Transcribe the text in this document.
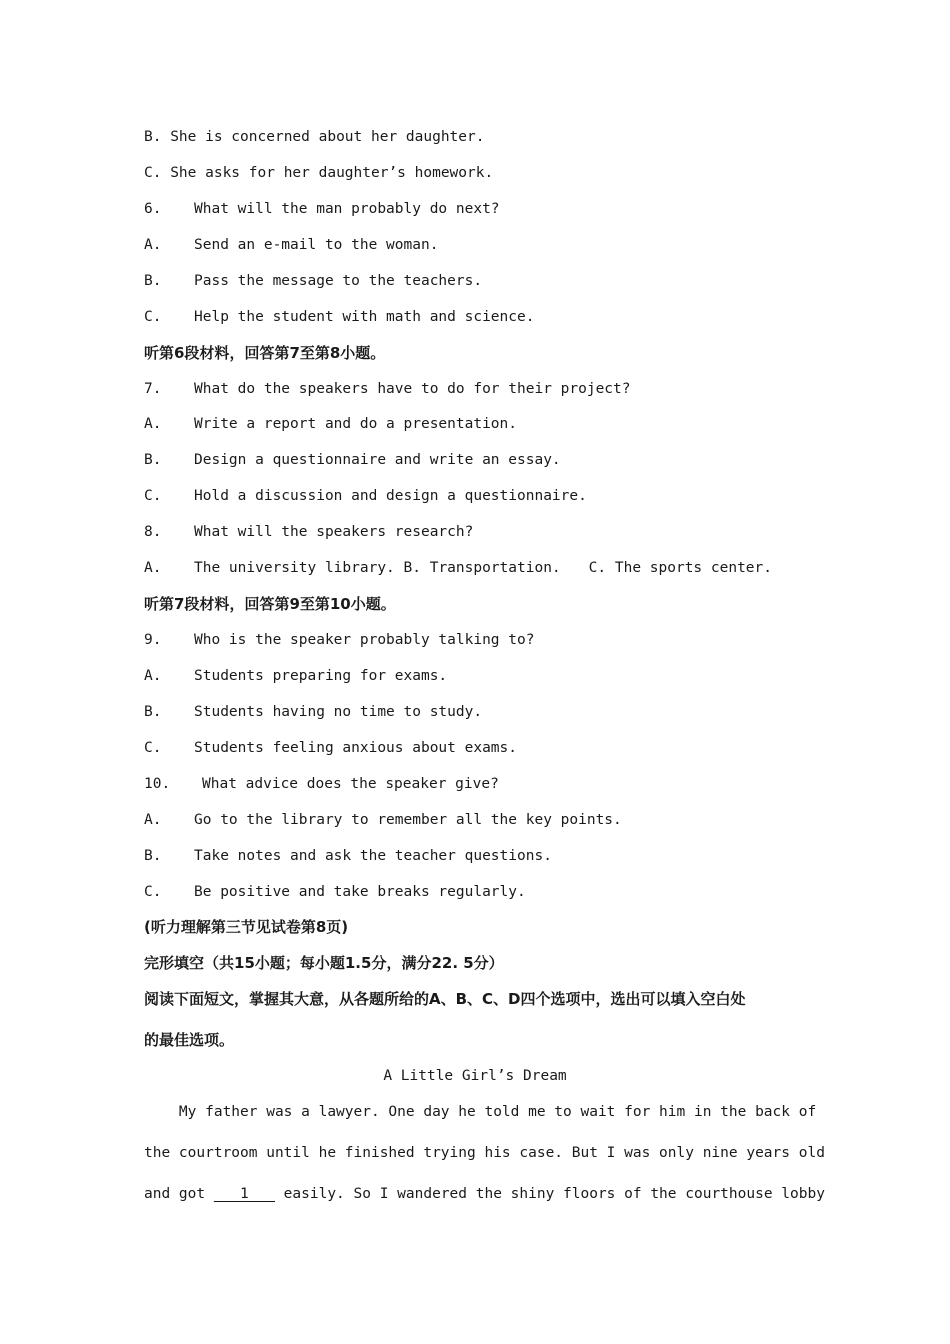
B. She is concerned about her daughter.
C. She asks for her daughter’s homework.
6. What will the man probably do next?
A. Send an e-mail to the woman.
B. Pass the message to the teachers.
C. Help the student with math and science.
听第6段材料，回答第7至第8小题。
7. What do the speakers have to do for their project?
A. Write a report and do a presentation.
B. Design a questionnaire and write an essay.
C. Hold a discussion and design a questionnaire.
8. What will the speakers research?
A. The university library. B. Transportation. C. The sports center.
听第7段材料，回答第9至第10小题。
9. Who is the speaker probably talking to?
A. Students preparing for exams.
B. Students having no time to study.
C. Students feeling anxious about exams.
10. What advice does the speaker give?
A. Go to the library to remember all the key points.
B. Take notes and ask the teacher questions.
C. Be positive and take breaks regularly.
(听力理解第三节见试卷第8页)
完形填空（共15小题；每小题1.5分，满分22. 5分）
阅读下面短文，掌握其大意，从各题所给的A、B、C、D四个选项中，选出可以填入空白处
的最佳选项。
A Little Girl’s Dream
My father was a lawyer. One day he told me to wait for him in the back of
the courtroom until he finished trying his case. But I was only nine years old
and got ___1___ easily. So I wandered the shiny floors of the courthouse lobby
